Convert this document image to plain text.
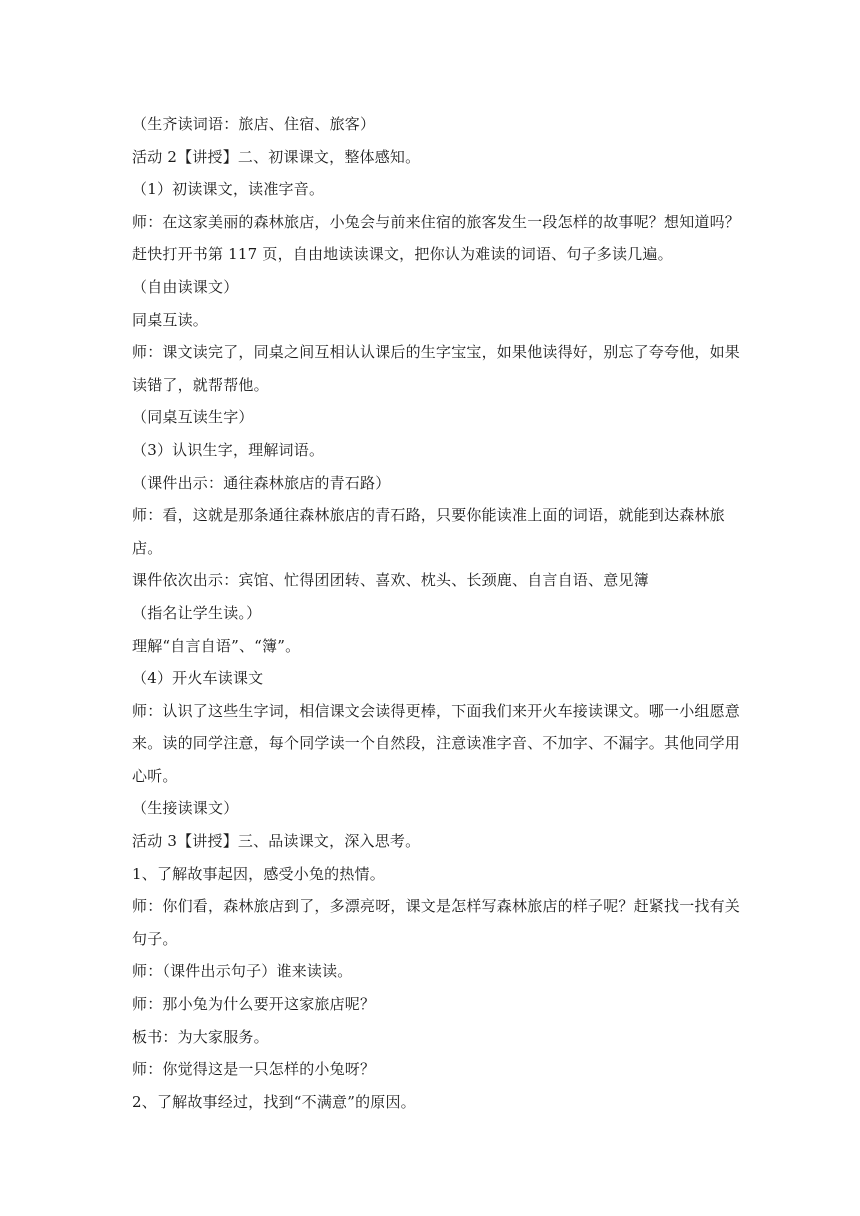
（生齐读词语：旅店、住宿、旅客）

活动 2【讲授】二、初课课文，整体感知。

（1）初读课文，读准字音。

师：在这家美丽的森林旅店，小兔会与前来住宿的旅客发生一段怎样的故事呢？想知道吗？

赶快打开书第 117 页，自由地读读课文，把你认为难读的词语、句子多读几遍。

（自由读课文）

同桌互读。

师：课文读完了，同桌之间互相认认课后的生字宝宝，如果他读得好，别忘了夸夸他，如果

读错了，就帮帮他。

（同桌互读生字）

（3）认识生字，理解词语。

（课件出示：通往森林旅店的青石路）

师：看，这就是那条通往森林旅店的青石路，只要你能读准上面的词语，就能到达森林旅店。

课件依次出示：宾馆、忙得团团转、喜欢、枕头、长颈鹿、自言自语、意见簿

（指名让学生读。）

理解“自言自语”、“簿”。

（4）开火车读课文

师：认识了这些生字词，相信课文会读得更棒，下面我们来开火车接读课文。哪一小组愿意

来。读的同学注意，每个同学读一个自然段，注意读准字音、不加字、不漏字。其他同学用

心听。

（生接读课文）

活动 3【讲授】三、品读课文，深入思考。

1、了解故事起因，感受小兔的热情。

师：你们看，森林旅店到了，多漂亮呀，课文是怎样写森林旅店的样子呢？赶紧找一找有关

句子。

师：（课件出示句子）谁来读读。

师：那小兔为什么要开这家旅店呢？

板书：为大家服务。

师：你觉得这是一只怎样的小兔呀？

2、了解故事经过，找到“不满意”的原因。
